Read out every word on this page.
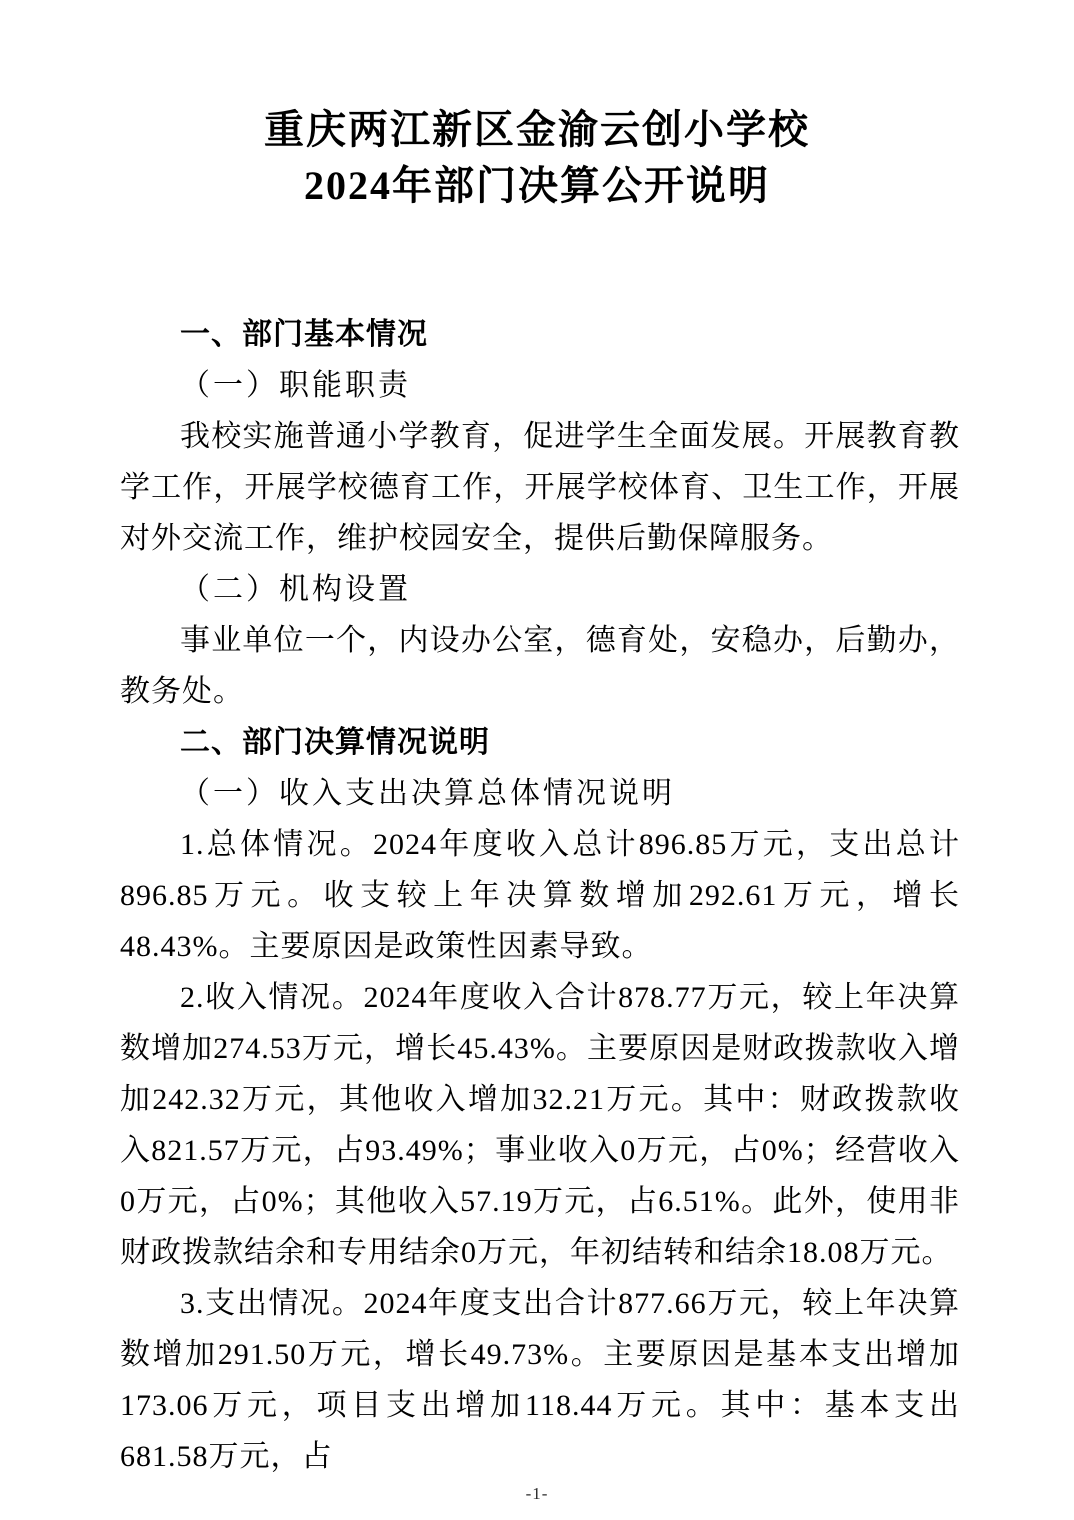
重庆两江新区金渝云创小学校
2024年部门决算公开说明
一、部门基本情况
（一）职能职责

我校实施普通小学教育，促进学生全面发展。开展教育教学工作，开展学校德育工作，开展学校体育、卫生工作，开展对外交流工作，维护校园安全，提供后勤保障服务。

（二）机构设置

事业单位一个，内设办公室，德育处，安稳办，后勤办，教务处。

二、部门决算情况说明
（一）收入支出决算总体情况说明

1.总体情况。2024年度收入总计896.85万元，支出总计896.85万元。收支较上年决算数增加292.61万元，增长48.43%。主要原因是政策性因素导致。

2.收入情况。2024年度收入合计878.77万元，较上年决算数增加274.53万元，增长45.43%。主要原因是财政拨款收入增加242.32万元，其他收入增加32.21万元。其中：财政拨款收入821.57万元，占93.49%；事业收入0万元，占0%；经营收入0万元，占0%；其他收入57.19万元，占6.51%。此外，使用非财政拨款结余和专用结余0万元，年初结转和结余18.08万元。

3.支出情况。2024年度支出合计877.66万元，较上年决算数增加291.50万元，增长49.73%。主要原因是基本支出增加173.06万元，项目支出增加118.44万元。其中：基本支出681.58万元，占

-1-
